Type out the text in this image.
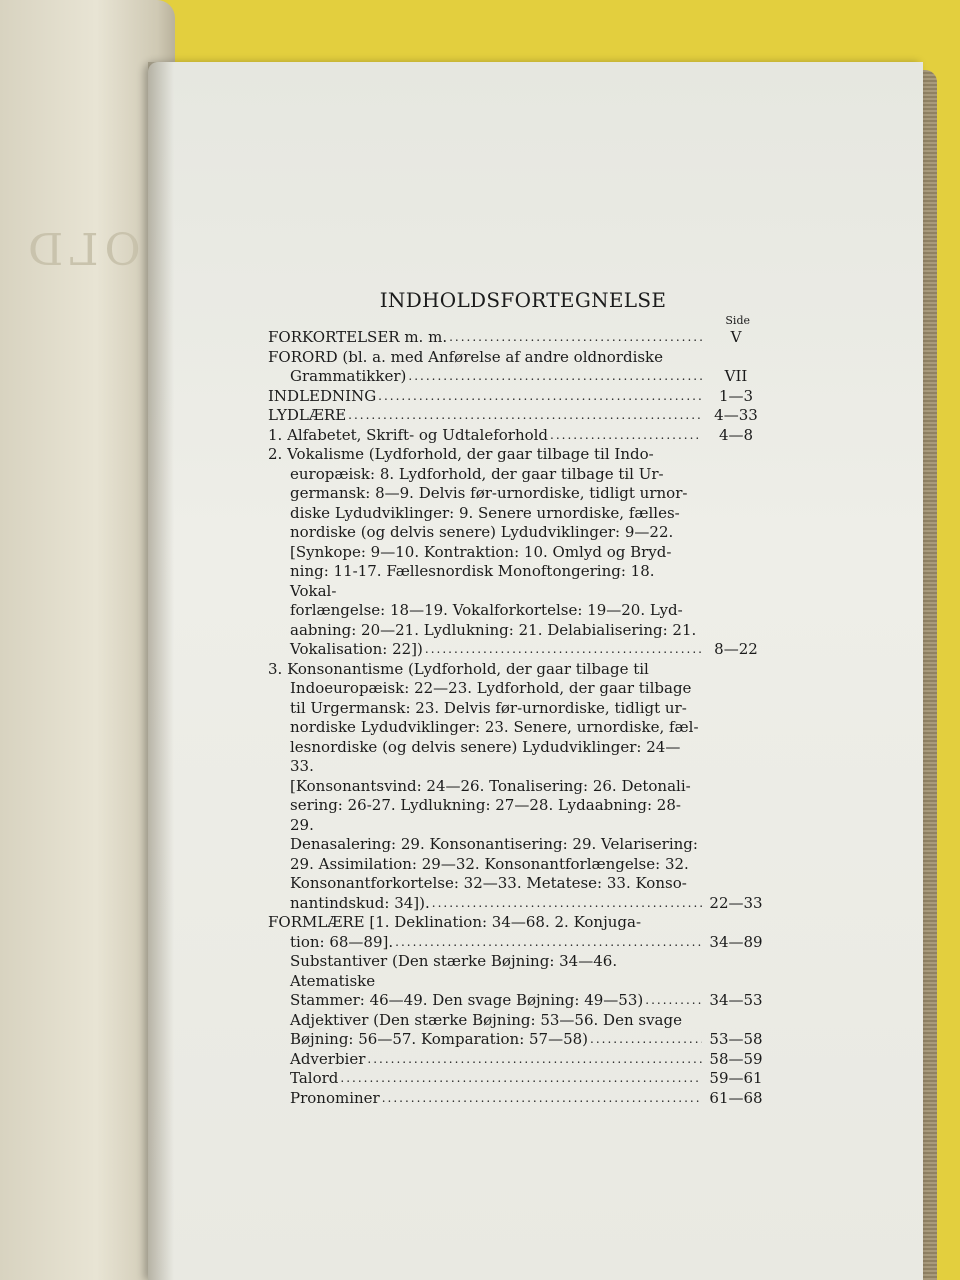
OLD
INDHOLDSFORTEGNELSE
Side
FORKORTELSER m. m. .....	V
FORORD (bl. a. med Anførelse af andre oldnordiske
Grammatikker) .....	VII
INDLEDNING .....	1—3
LYDLÆRE .....	4—33
1. Alfabetet, Skrift- og Udtaleforhold .....	4—8
2. Vokalisme (Lydforhold, der gaar tilbage til Indo-
europæisk: 8. Lydforhold, der gaar tilbage til Ur-
germansk: 8—9. Delvis før-urnordiske, tidligt urnor-
diske Lydudviklinger: 9. Senere urnordiske, fælles-
nordiske (og delvis senere) Lydudviklinger: 9—22.
[Synkope: 9—10. Kontraktion: 10. Omlyd og Bryd-
ning: 11-17. Fællesnordisk Monoftongering: 18. Vokal-
forlængelse: 18—19. Vokalforkortelse: 19—20. Lyd-
aabning: 20—21. Lydlukning: 21. Delabialisering: 21.
Vokalisation: 22]) .....	8—22
3. Konsonantisme (Lydforhold, der gaar tilbage til
Indoeuropæisk: 22—23. Lydforhold, der gaar tilbage
til Urgermansk: 23. Delvis før-urnordiske, tidligt ur-
nordiske Lydudviklinger: 23. Senere, urnordiske, fæl-
lesnordiske (og delvis senere) Lydudviklinger: 24—33.
[Konsonantsvind: 24—26. Tonalisering: 26. Detonali-
sering: 26-27. Lydlukning: 27—28. Lydaabning: 28-29.
Denasalering: 29. Konsonantisering: 29. Velarisering:
29. Assimilation: 29—32. Konsonantforlængelse: 32.
Konsonantforkortelse: 32—33. Metatese: 33. Konso-
nantindskud: 34]). .....	22—33
FORMLÆRE [1. Deklination: 34—68. 2. Konjuga-
tion: 68—89]. .....	34—89
Substantiver (Den stærke Bøjning: 34—46. Atematiske
Stammer: 46—49. Den svage Bøjning: 49—53) .....	34—53
Adjektiver (Den stærke Bøjning: 53—56. Den svage
Bøjning: 56—57. Komparation: 57—58) .....	53—58
Adverbier .....	58—59
Talord .....	59—61
Pronominer .....	61—68
